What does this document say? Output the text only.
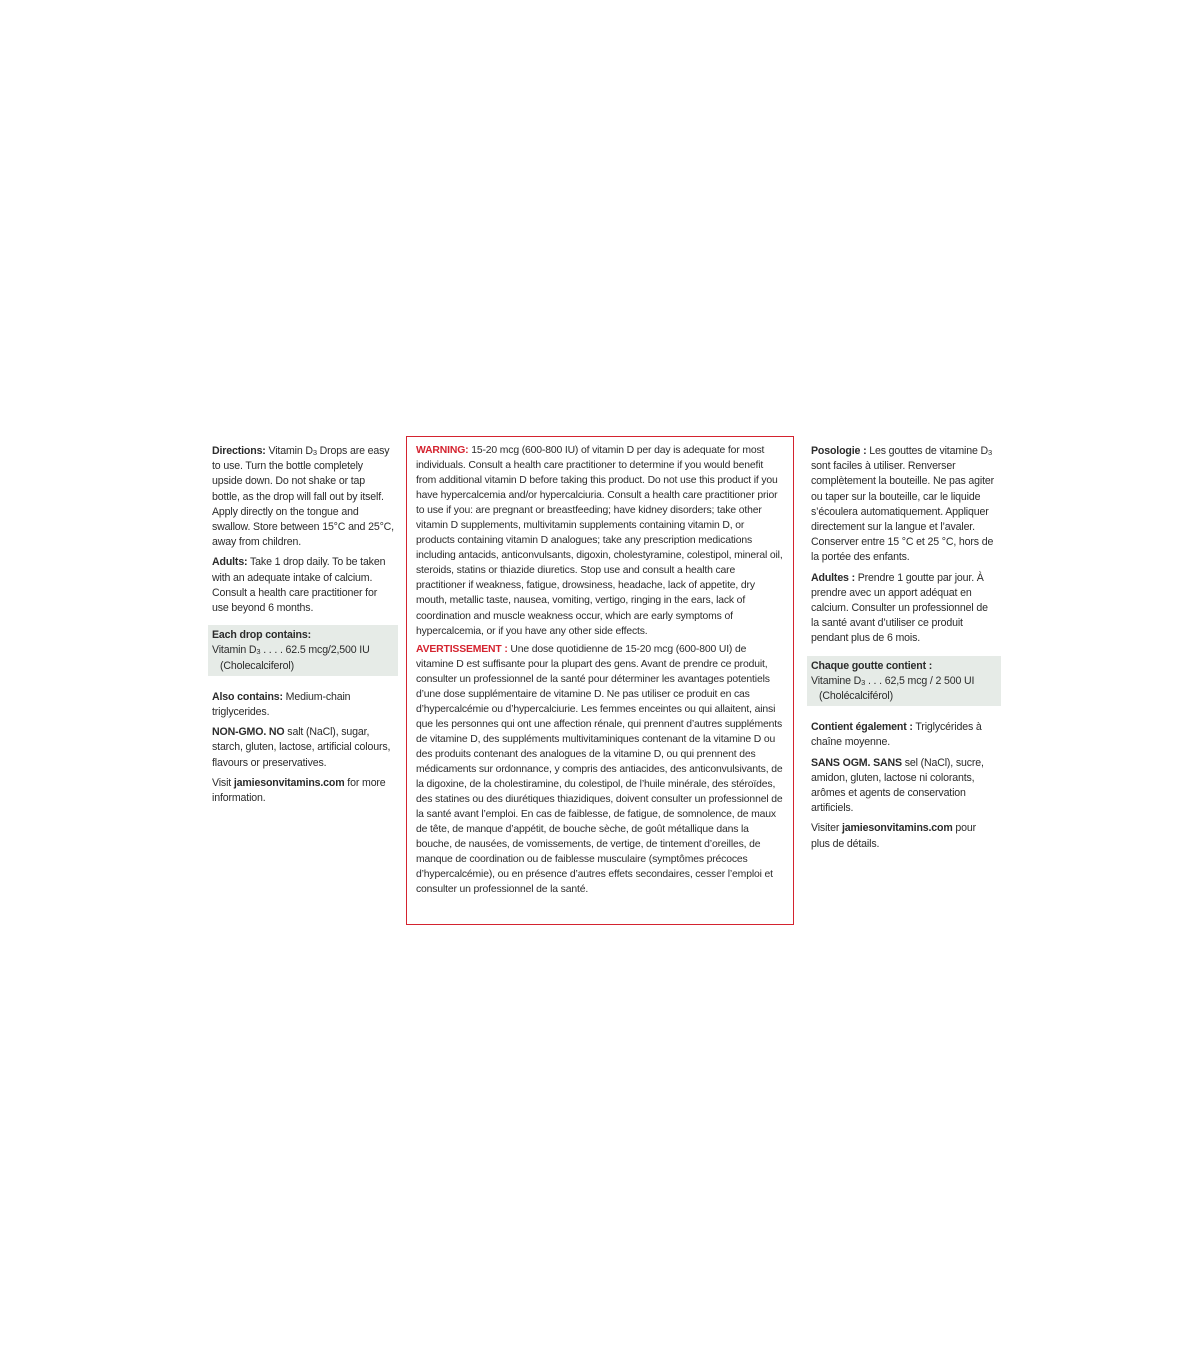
Directions: Vitamin $D_3$ Drops are easy to use. Turn the bottle completely upside down. Do not shake or tap bottle, as the drop will fall out by itself. Apply directly on the tongue and swallow. Store between 15°C and 25°C, away from children.

Adults: Take 1 drop daily. To be taken with an adequate intake of calcium. Consult a health care practitioner for use beyond 6 months.

Each drop contains:

Vitamin $D_3$ . . . . 62.5 mcg/2,500 IU

(Cholecalciferol)

Also contains: Medium-chain triglycerides.

NON-GMO. NO salt (NaCl), sugar, starch, gluten, lactose, artificial colours, flavours or preservatives.

Visit jamiesonvitamins.com for more information.

WARNING: 15-20 mcg (600-800 IU) of vitamin D per day is adequate for most individuals. Consult a health care practitioner to determine if you would benefit from additional vitamin D before taking this product. Do not use this product if you have hypercalcemia and/or hypercalciuria. Consult a health care practitioner prior to use if you: are pregnant or breastfeeding; have kidney disorders; take other vitamin D supplements, multivitamin supplements containing vitamin D, or products containing vitamin D analogues; take any prescription medications including antacids, anticonvulsants, digoxin, cholestyramine, colestipol, mineral oil, steroids, statins or thiazide diuretics. Stop use and consult a health care practitioner if weakness, fatigue, drowsiness, headache, lack of appetite, dry mouth, metallic taste, nausea, vomiting, vertigo, ringing in the ears, lack of coordination and muscle weakness occur, which are early symptoms of hypercalcemia, or if you have any other side effects.

AVERTISSEMENT : Une dose quotidienne de 15-20 mcg (600-800 UI) de vitamine D est suffisante pour la plupart des gens. Avant de prendre ce produit, consulter un professionnel de la santé pour déterminer les avantages potentiels d’une dose supplémentaire de vitamine D. Ne pas utiliser ce produit en cas d’hypercalcémie ou d’hypercalciurie. Les femmes enceintes ou qui allaitent, ainsi que les personnes qui ont une affection rénale, qui prennent d’autres suppléments de vitamine D, des suppléments multivitaminiques contenant de la vitamine D ou des produits contenant des analogues de la vitamine D, ou qui prennent des médicaments sur ordonnance, y compris des antiacides, des anticonvulsivants, de la digoxine, de la cholestiramine, du colestipol, de l’huile minérale, des stéroïdes, des statines ou des diurétiques thiazidiques, doivent consulter un professionnel de la santé avant l’emploi. En cas de faiblesse, de fatigue, de somnolence, de maux de tête, de manque d’appétit, de bouche sèche, de goût métallique dans la bouche, de nausées, de vomissements, de vertige, de tintement d’oreilles, de manque de coordination ou de faiblesse musculaire (symptômes précoces d’hypercalcémie), ou en présence d’autres effets secondaires, cesser l’emploi et consulter un professionnel de la santé.

Posologie : Les gouttes de vitamine $D_3$ sont faciles à utiliser. Renverser complètement la bouteille. Ne pas agiter ou taper sur la bouteille, car le liquide s’écoulera automatiquement. Appliquer directement sur la langue et l’avaler. Conserver entre 15 °C et 25 °C, hors de la portée des enfants.

Adultes : Prendre 1 goutte par jour. À prendre avec un apport adéquat en calcium. Consulter un professionnel de la santé avant d’utiliser ce produit pendant plus de 6 mois.

Chaque goutte contient :

Vitamine $D_3$ . . . 62,5 mcg / 2 500 UI

(Cholécalciférol)

Contient également : Triglycérides à chaîne moyenne.

SANS OGM. SANS sel (NaCl), sucre, amidon, gluten, lactose ni colorants, arômes et agents de conservation artificiels.

Visiter jamiesonvitamins.com pour plus de détails.
